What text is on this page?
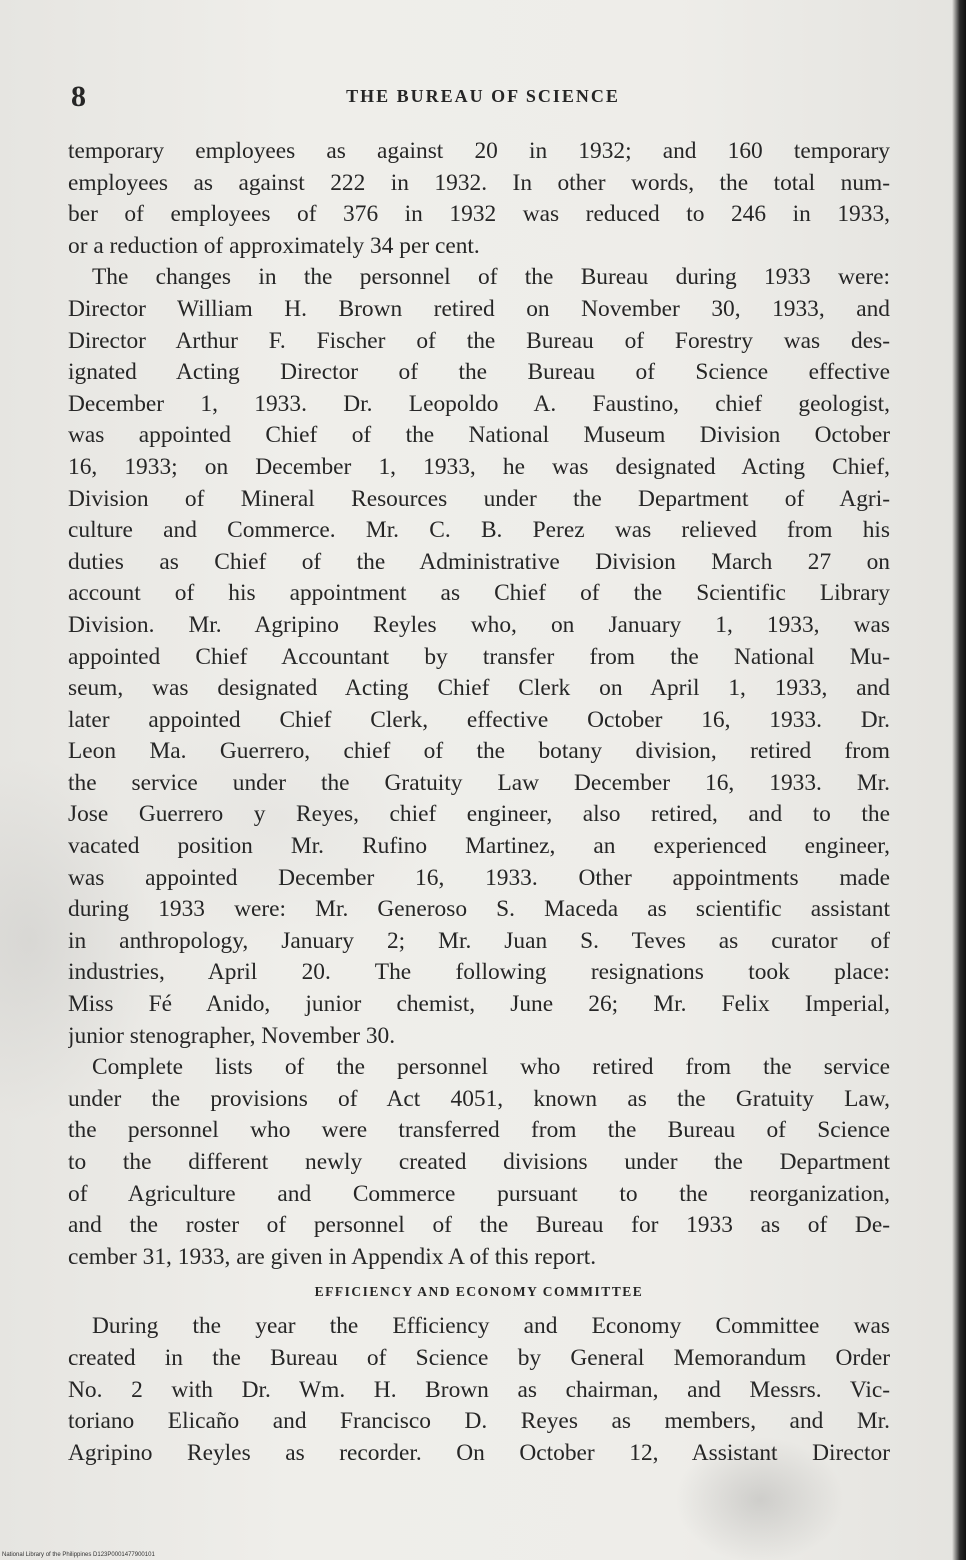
8	THE BUREAU OF SCIENCE
temporary employees as against 20 in 1932; and 160 temporary
employees as against 222 in 1932. In other words, the total num-
ber of employees of 376 in 1932 was reduced to 246 in 1933,
or a reduction of approximately 34 per cent.
The changes in the personnel of the Bureau during 1933 were:
Director William H. Brown retired on November 30, 1933, and
Director Arthur F. Fischer of the Bureau of Forestry was des-
ignated Acting Director of the Bureau of Science effective
December 1, 1933. Dr. Leopoldo A. Faustino, chief geologist,
was appointed Chief of the National Museum Division October
16, 1933; on December 1, 1933, he was designated Acting Chief,
Division of Mineral Resources under the Department of Agri-
culture and Commerce. Mr. C. B. Perez was relieved from his
duties as Chief of the Administrative Division March 27 on
account of his appointment as Chief of the Scientific Library
Division. Mr. Agripino Reyles who, on January 1, 1933, was
appointed Chief Accountant by transfer from the National Mu-
seum, was designated Acting Chief Clerk on April 1, 1933, and
later appointed Chief Clerk, effective October 16, 1933. Dr.
Leon Ma. Guerrero, chief of the botany division, retired from
the service under the Gratuity Law December 16, 1933. Mr.
Jose Guerrero y Reyes, chief engineer, also retired, and to the
vacated position Mr. Rufino Martinez, an experienced engineer,
was appointed December 16, 1933. Other appointments made
during 1933 were: Mr. Generoso S. Maceda as scientific assistant
in anthropology, January 2; Mr. Juan S. Teves as curator of
industries, April 20. The following resignations took place:
Miss Fé Anido, junior chemist, June 26; Mr. Felix Imperial,
junior stenographer, November 30.
Complete lists of the personnel who retired from the service
under the provisions of Act 4051, known as the Gratuity Law,
the personnel who were transferred from the Bureau of Science
to the different newly created divisions under the Department
of Agriculture and Commerce pursuant to the reorganization,
and the roster of personnel of the Bureau for 1933 as of De-
cember 31, 1933, are given in Appendix A of this report.
EFFICIENCY AND ECONOMY COMMITTEE
During the year the Efficiency and Economy Committee was
created in the Bureau of Science by General Memorandum Order
No. 2 with Dr. Wm. H. Brown as chairman, and Messrs. Vic-
toriano Elicaño and Francisco D. Reyes as members, and Mr.
Agripino Reyles as recorder. On October 12, Assistant Director
National Library of the Philippines D123P0001477900101
